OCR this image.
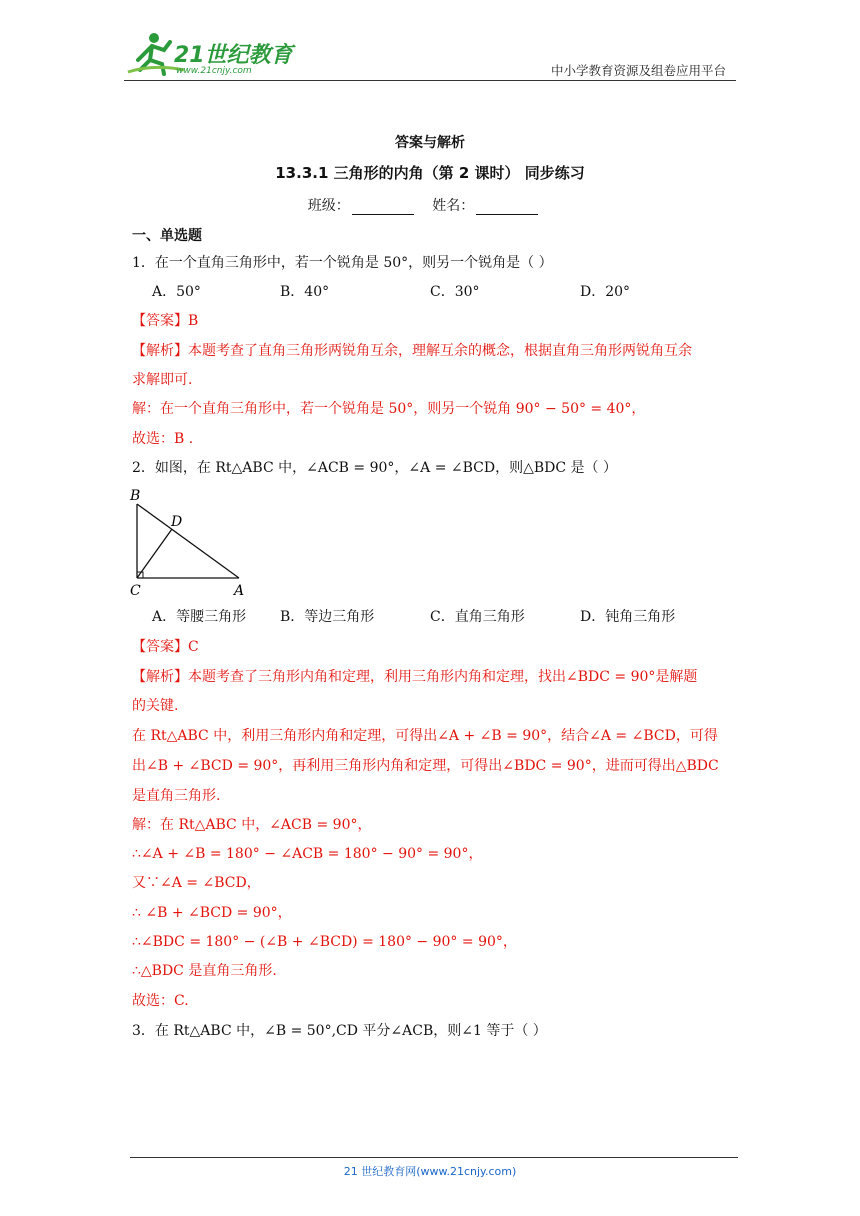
21世纪教育
www.21cnjy.com	中小学教育资源及组卷应用平台
答案与解析
13.3.1 三角形的内角（第 2 课时） 同步练习
班级：	姓名：
一、单选题
1．在一个直角三角形中，若一个锐角是 50°，则另一个锐角是（ ）
A．50°	B．40°	C．30°	D．20°
【答案】B
【解析】本题考查了直角三角形两锐角互余，理解互余的概念，根据直角三角形两锐角互余
求解即可.
解：在一个直角三角形中，若一个锐角是 50°，则另一个锐角 90° − 50° = 40°，
故选：B .
2．如图，在 Rt△ABC 中，∠ACB = 90°，∠A = ∠BCD，则△BDC 是（ ）
B
D
C	A
A．等腰三角形 B．等边三角形	C．直角三角形	D．钝角三角形
【答案】C
【解析】本题考查了三角形内角和定理，利用三角形内角和定理，找出∠BDC = 90°是解题
的关键.
在 Rt△ABC 中，利用三角形内角和定理，可得出∠A + ∠B = 90°，结合∠A = ∠BCD，可得
出∠B + ∠BCD = 90°，再利用三角形内角和定理，可得出∠BDC = 90°，进而可得出△BDC
是直角三角形.
解：在 Rt△ABC 中，∠ACB = 90°，
∴∠A + ∠B = 180° − ∠ACB = 180° − 90° = 90°，
又∵∠A = ∠BCD，
∴ ∠B + ∠BCD = 90°，
∴∠BDC = 180° − (∠B + ∠BCD) = 180° − 90° = 90°，
∴△BDC 是直角三角形.
故选：C.
3．在 Rt△ABC 中，∠B = 50°,CD 平分∠ACB，则∠1 等于（ ）
21 世纪教育网(www.21cnjy.com)
